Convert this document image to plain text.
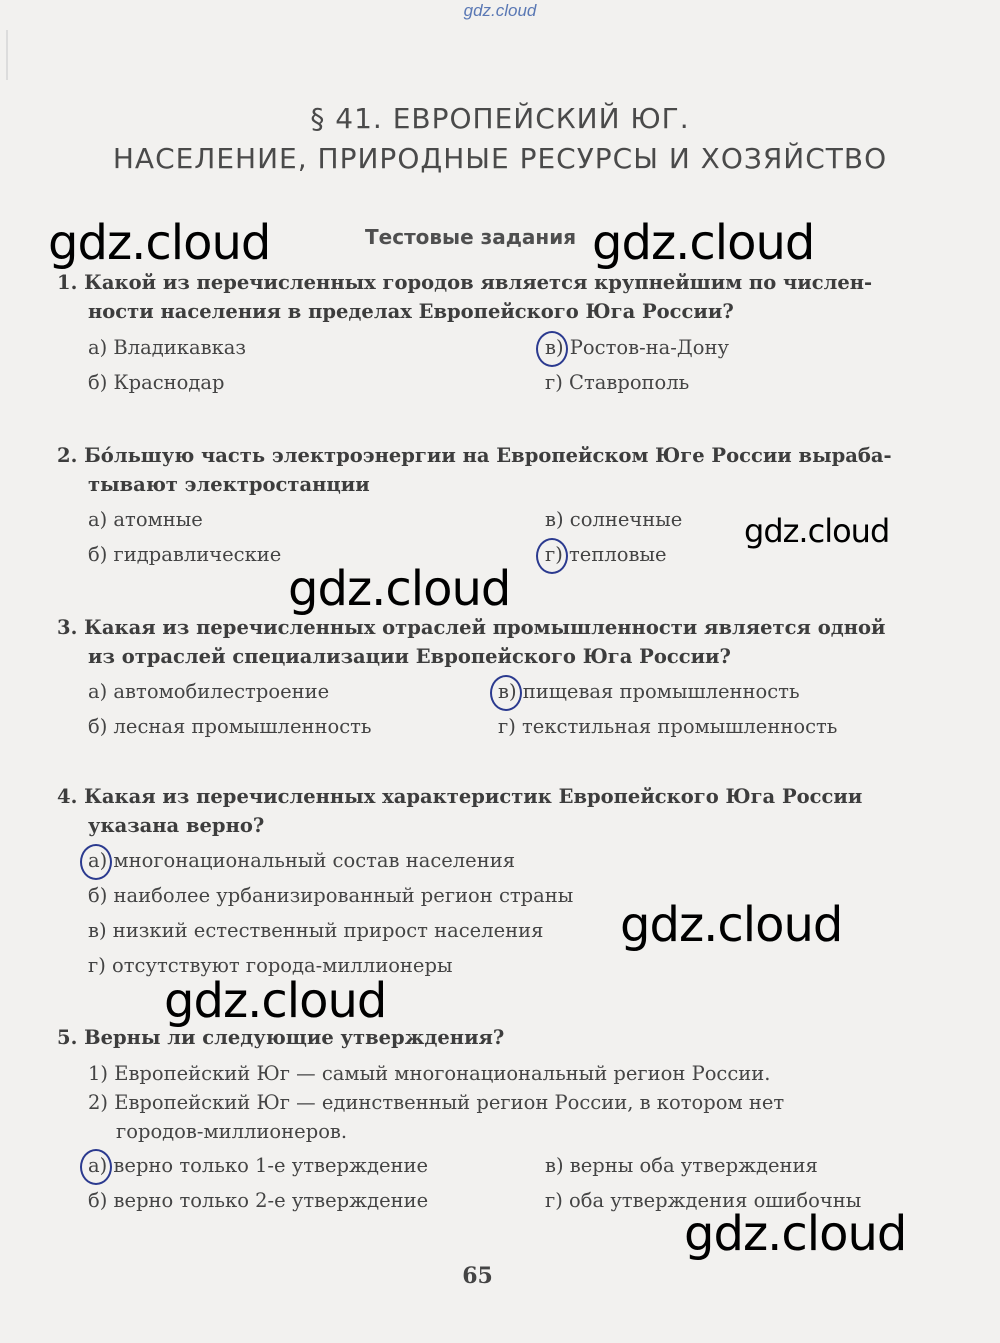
gdz.cloud
§ 41. ЕВРОПЕЙСКИЙ ЮГ.
НАСЕЛЕНИЕ, ПРИРОДНЫЕ РЕСУРСЫ И ХОЗЯЙСТВО
Тестовые задания
1. Какой из перечисленных городов является крупнейшим по числен-
ности населения в пределах Европейского Юга России?
а) Владикавказ
б) Краснодар
в) Ростов-на-Дону
г) Ставрополь
2. Бо́льшую часть электроэнергии на Европейском Юге России выраба-
тывают электростанции
а) атомные
б) гидравлические
в) солнечные
г) тепловые
3. Какая из перечисленных отраслей промышленности является одной
из отраслей специализации Европейского Юга России?
а) автомобилестроение
б) лесная промышленность
в) пищевая промышленность
г) текстильная промышленность
4. Какая из перечисленных характеристик Европейского Юга России
указана верно?
а) многонациональный состав населения
б) наиболее урбанизированный регион страны
в) низкий естественный прирост населения
г) отсутствуют города-миллионеры
5. Верны ли следующие утверждения?
1) Европейский Юг — самый многонациональный регион России.
2) Европейский Юг — единственный регион России, в котором нет
городов-миллионеров.
а) верно только 1-е утверждение
б) верно только 2-е утверждение
в) верны оба утверждения
г) оба утверждения ошибочны
65
gdz.cloud	gdz.cloud
gdz.cloud
gdz.cloud
gdz.cloud
gdz.cloud
gdz.cloud
